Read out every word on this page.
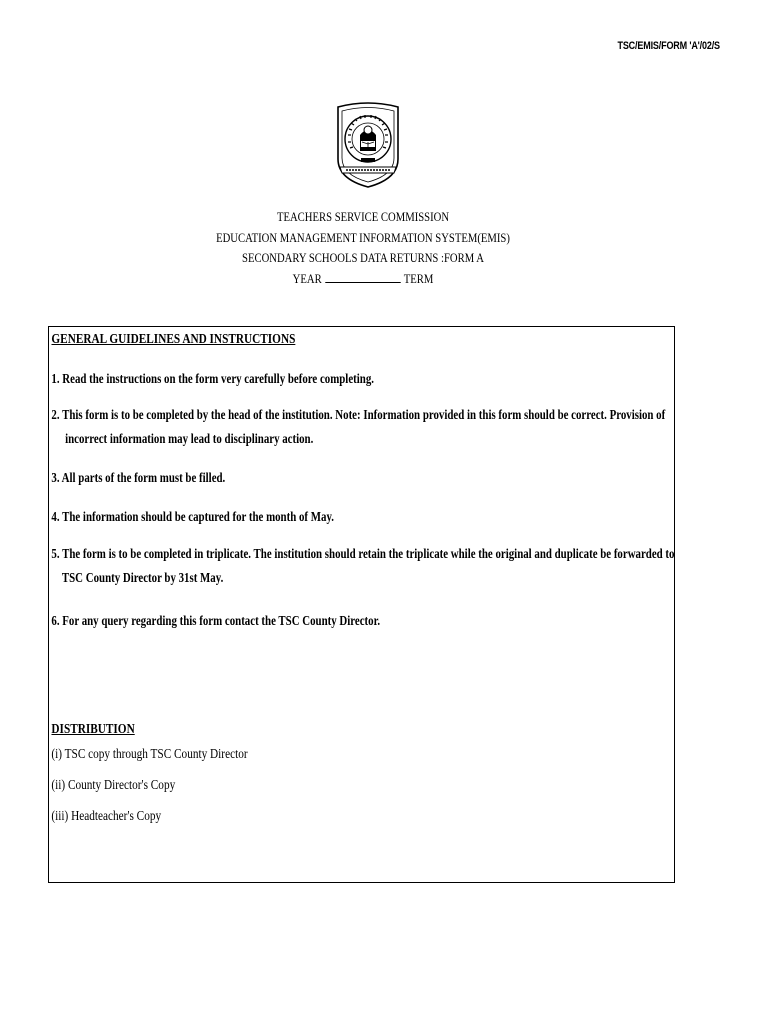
TSC/EMIS/FORM 'A'/02/S
TEACHERS SERVICE COMMISSION
EDUCATION MANAGEMENT INFORMATION SYSTEM(EMIS)
SECONDARY SCHOOLS DATA RETURNS :FORM A
YEAR	TERM
GENERAL GUIDELINES AND INSTRUCTIONS
1. Read the instructions on the form very carefully before completing.
2. This form is to be completed by the head of the institution. Note: Information provided in this form should be correct. Provision of
incorrect information may lead to disciplinary action.
3. All parts of the form must be filled.
4. The information should be captured for the month of May.
5. The form is to be completed in triplicate. The institution should retain the triplicate while the original and duplicate be forwarded to
TSC County Director by 31st May.
6. For any query regarding this form contact the TSC County Director.
DISTRIBUTION
(i) TSC copy through TSC County Director
(ii) County Director's Copy
(iii) Headteacher's Copy
